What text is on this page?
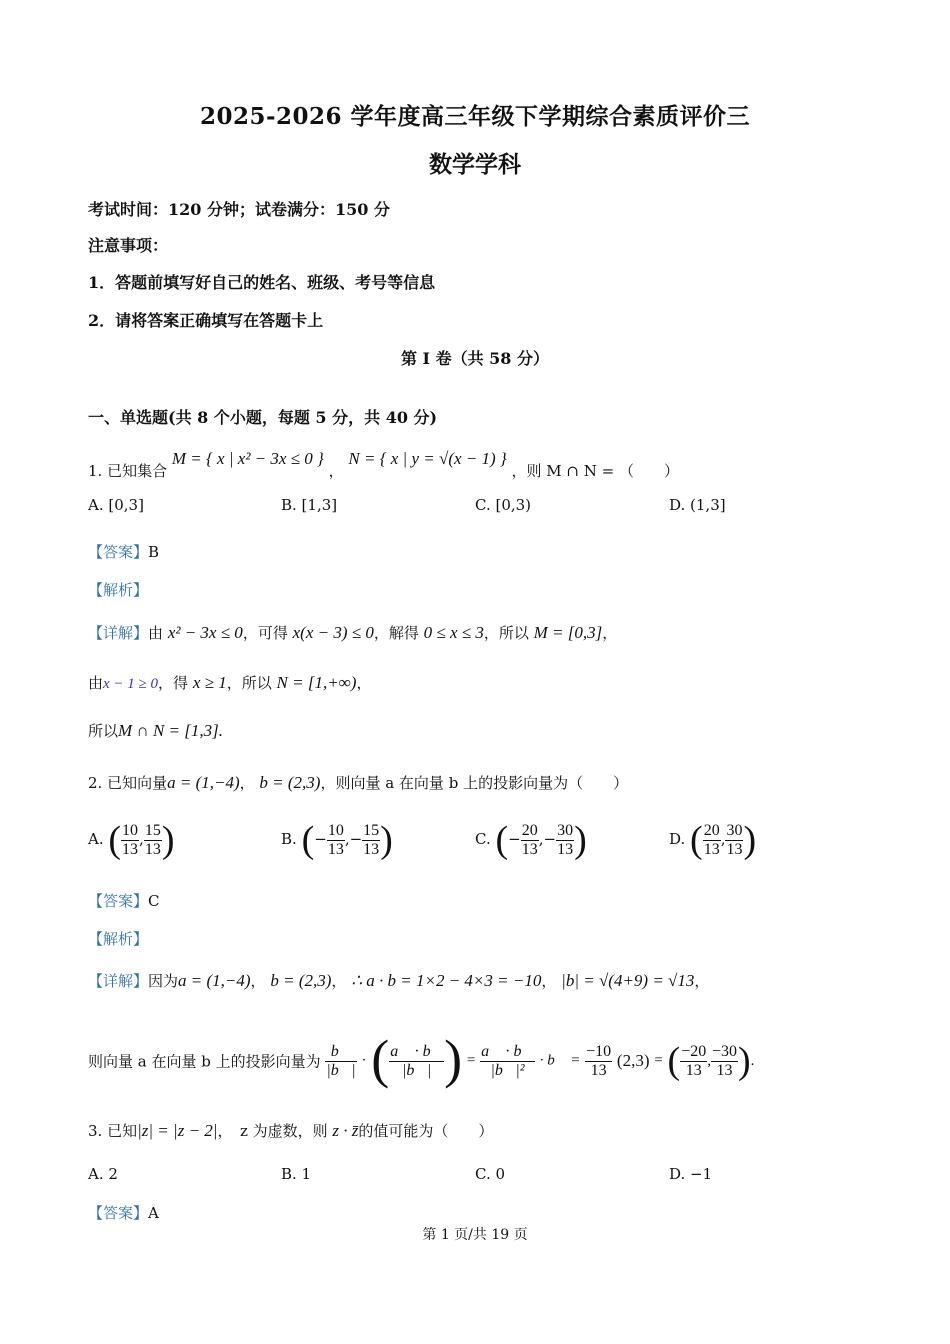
2025-2026 学年度高三年级下学期综合素质评价三
数学学科
考试时间：120 分钟；试卷满分：150 分
注意事项：
1．答题前填写好自己的姓名、班级、考号等信息
2．请将答案正确填写在答题卡上
第 I 卷（共 58 分）
一、单选题(共 8 个小题，每题 5 分，共 40 分)
1. 已知集合 M = { x | x² − 3x ≤ 0 } ， N = { x | y = √(x − 1) } ，则 M ∩ N = （　　）
A. [0,3]	B. [1,3]	C. [0,3)	D. (1,3]
【答案】B
【解析】
【详解】由 x² − 3x ≤ 0，可得 x(x − 3) ≤ 0，解得 0 ≤ x ≤ 3，所以 M = [0,3]，
由x − 1 ≥ 0，得 x ≥ 1，所以 N = [1,+∞)，
所以M ∩ N = [1,3].
2. 已知向量a = (1,−4)， b = (2,3)，则向量 a 在向量 b 上的投影向量为（　　）
A. ( $\frac{10}{13}$ , $\frac{15}{13}$ )	B. (− $\frac{10}{13}$ ,− $\frac{15}{13}$ )	C. (− $\frac{20}{13}$ ,− $\frac{30}{13}$ )	D. ( $\frac{20}{13}$ , $\frac{30}{13}$ )
【答案】C
【解析】
【详解】因为a = (1,−4)， b = (2,3)， ∴ a · b = 1×2 − 4×3 = −10， |b| = √(4+9) = √13，
则向量 a 在向量 b 上的投影向量为 $\frac{b⃗}{|b⃗|}$ · ( $\frac{a⃗ \cdot b⃗}{|b⃗|}$ ) = $\frac{a⃗ \cdot b⃗}{\text{|b⃗|²}}$ · b⃗ = $\frac{-10}{13} (2,3)$ = ( $\frac{-20}{13}$ , $\frac{-30}{13}$ ).
3. 已知|z| = |z − 2|，　z 为虚数，则 z · z̄的值可能为（　　）
A. 2	B. 1	C. 0	D. −1
【答案】A
第 1 页/共 19 页
